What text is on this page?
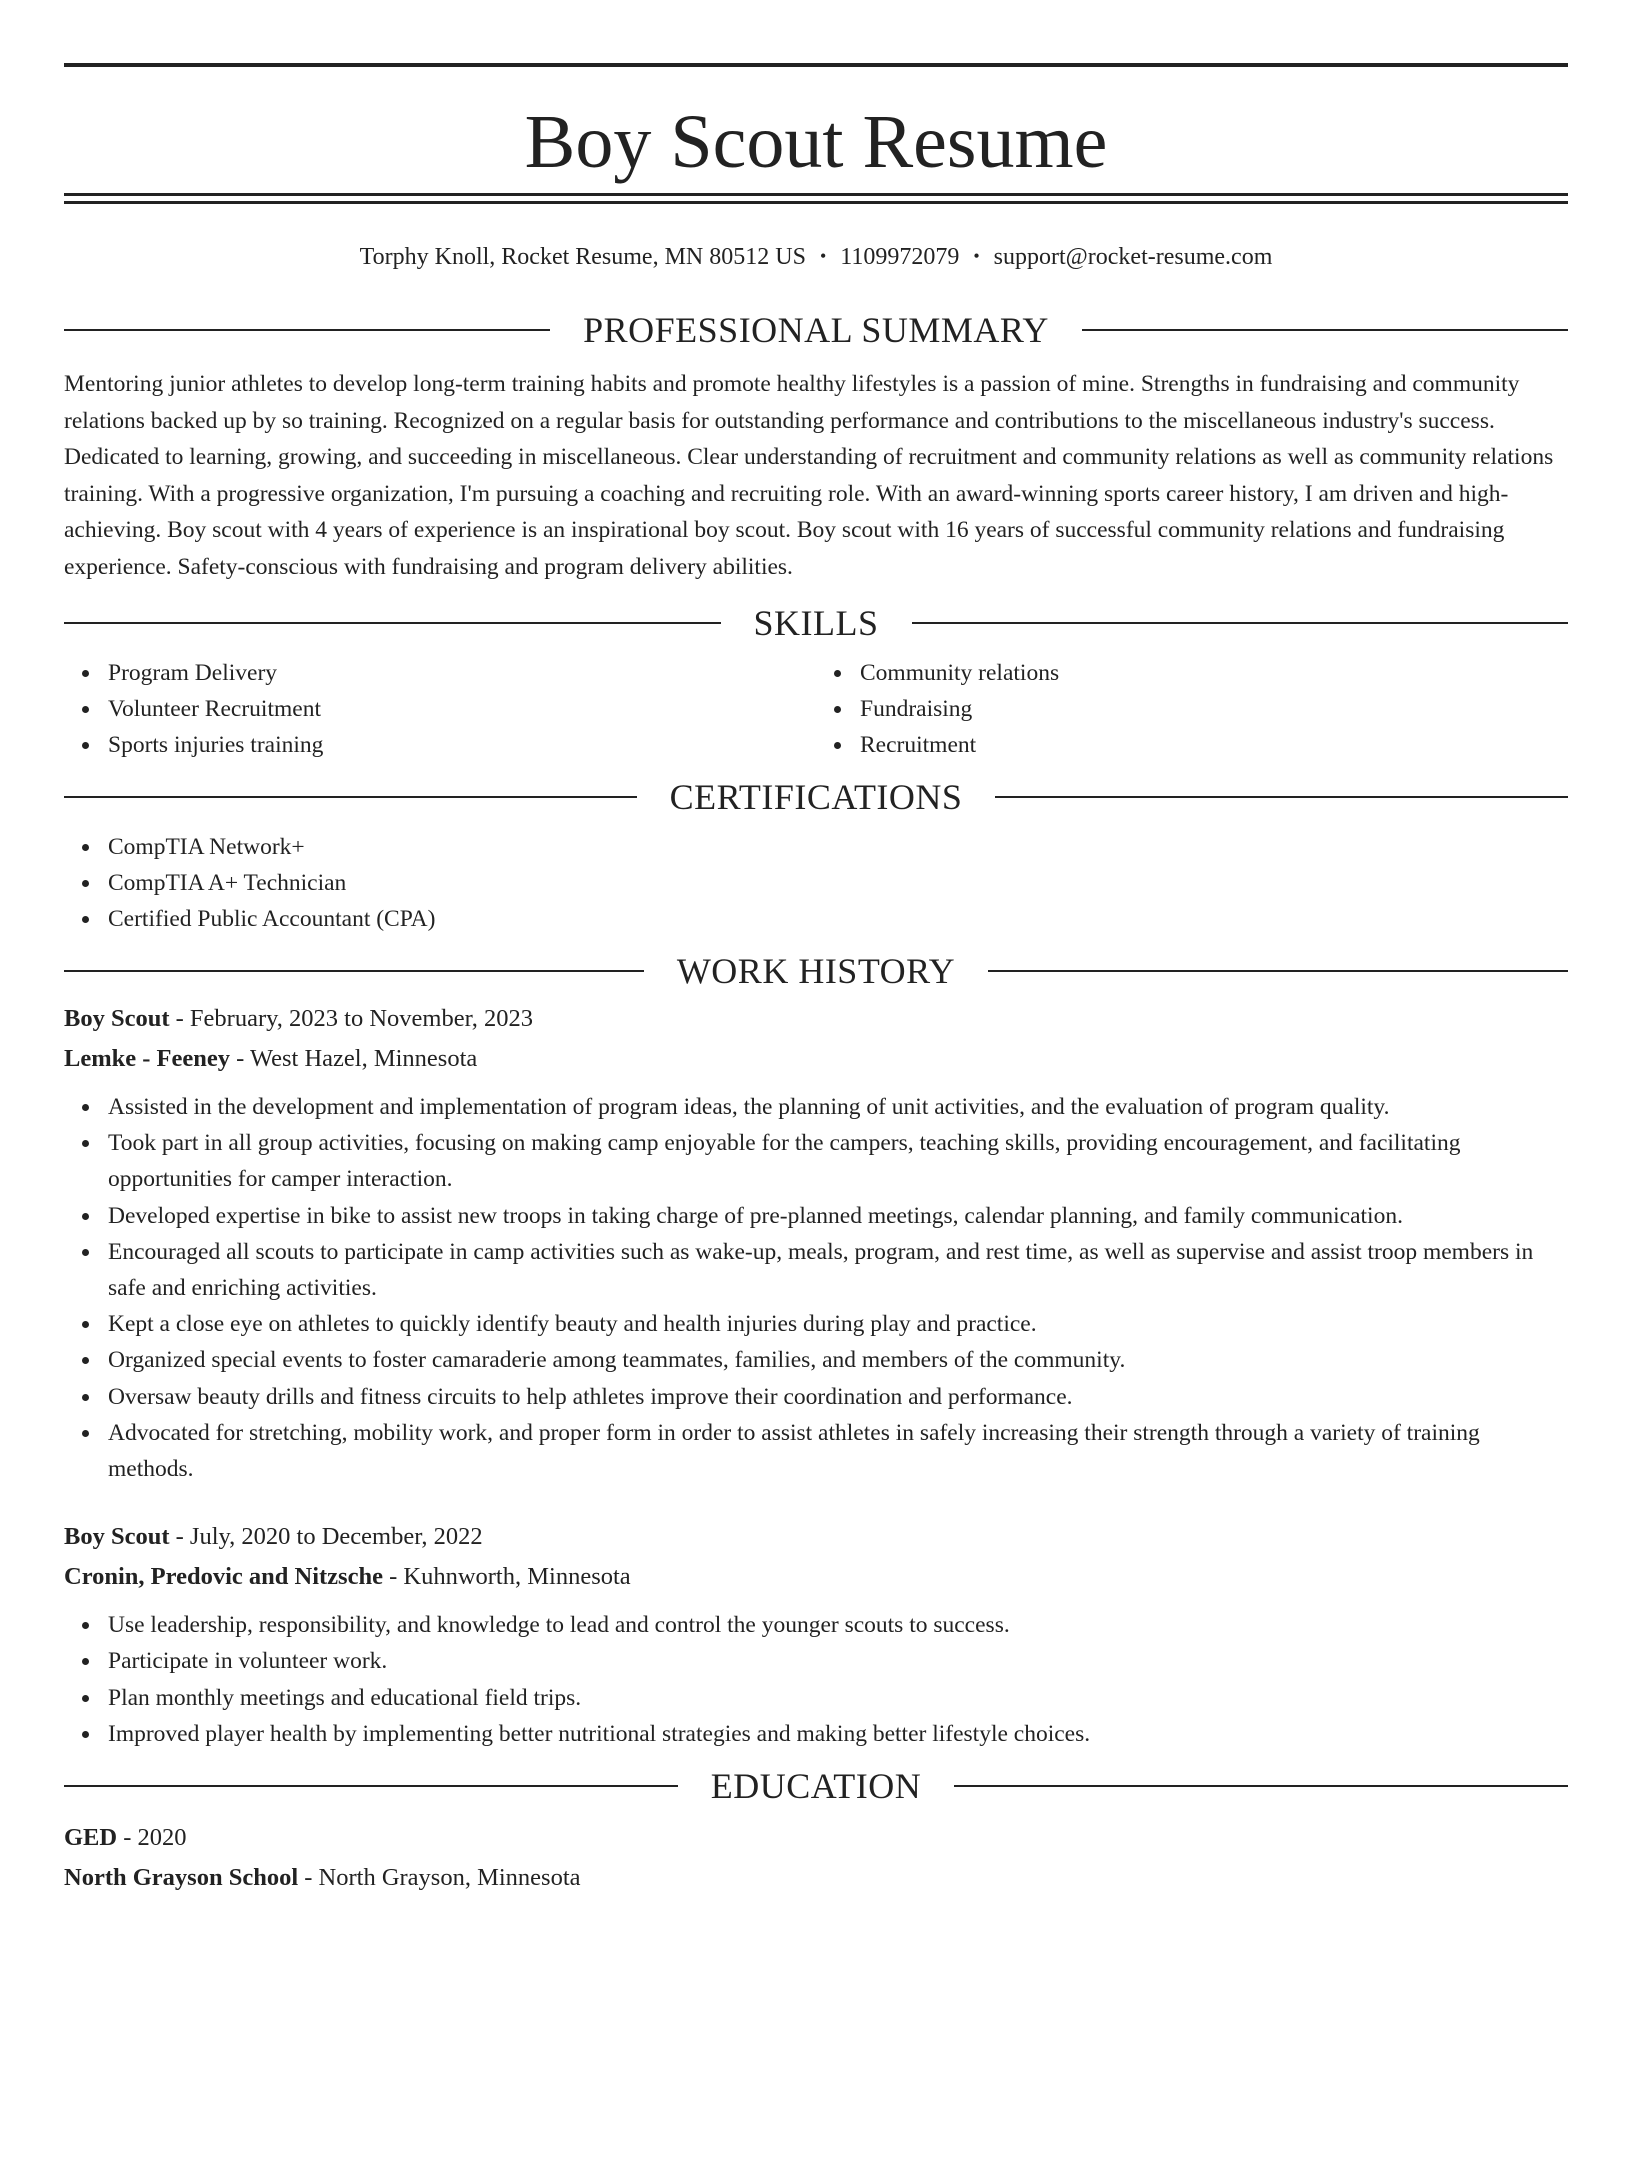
Boy Scout Resume
Torphy Knoll, Rocket Resume, MN 80512 US • 1109972079 • support@rocket-resume.com
PROFESSIONAL SUMMARY

Mentoring junior athletes to develop long-term training habits and promote healthy lifestyles is a passion of mine. Strengths in fundraising and community relations backed up by so training. Recognized on a regular basis for outstanding performance and contributions to the miscellaneous industry's success. Dedicated to learning, growing, and succeeding in miscellaneous. Clear understanding of recruitment and community relations as well as community relations training. With a progressive organization, I'm pursuing a coaching and recruiting role. With an award-winning sports career history, I am driven and high-achieving. Boy scout with 4 years of experience is an inspirational boy scout. Boy scout with 16 years of successful community relations and fundraising experience. Safety-conscious with fundraising and program delivery abilities.

SKILLS
Program Delivery
Volunteer Recruitment
Sports injuries training
Community relations
Fundraising
Recruitment
CERTIFICATIONS
CompTIA Network+
CompTIA A+ Technician
Certified Public Accountant (CPA)
WORK HISTORY
Boy Scout - February, 2023 to November, 2023
Lemke - Feeney - West Hazel, Minnesota
Assisted in the development and implementation of program ideas, the planning of unit activities, and the evaluation of program quality.
Took part in all group activities, focusing on making camp enjoyable for the campers, teaching skills, providing encouragement, and facilitating opportunities for camper interaction.
Developed expertise in bike to assist new troops in taking charge of pre-planned meetings, calendar planning, and family communication.
Encouraged all scouts to participate in camp activities such as wake-up, meals, program, and rest time, as well as supervise and assist troop members in safe and enriching activities.
Kept a close eye on athletes to quickly identify beauty and health injuries during play and practice.
Organized special events to foster camaraderie among teammates, families, and members of the community.
Oversaw beauty drills and fitness circuits to help athletes improve their coordination and performance.
Advocated for stretching, mobility work, and proper form in order to assist athletes in safely increasing their strength through a variety of training methods.
Boy Scout - July, 2020 to December, 2022
Cronin, Predovic and Nitzsche - Kuhnworth, Minnesota
Use leadership, responsibility, and knowledge to lead and control the younger scouts to success.
Participate in volunteer work.
Plan monthly meetings and educational field trips.
Improved player health by implementing better nutritional strategies and making better lifestyle choices.
EDUCATION
GED - 2020
North Grayson School - North Grayson, Minnesota
